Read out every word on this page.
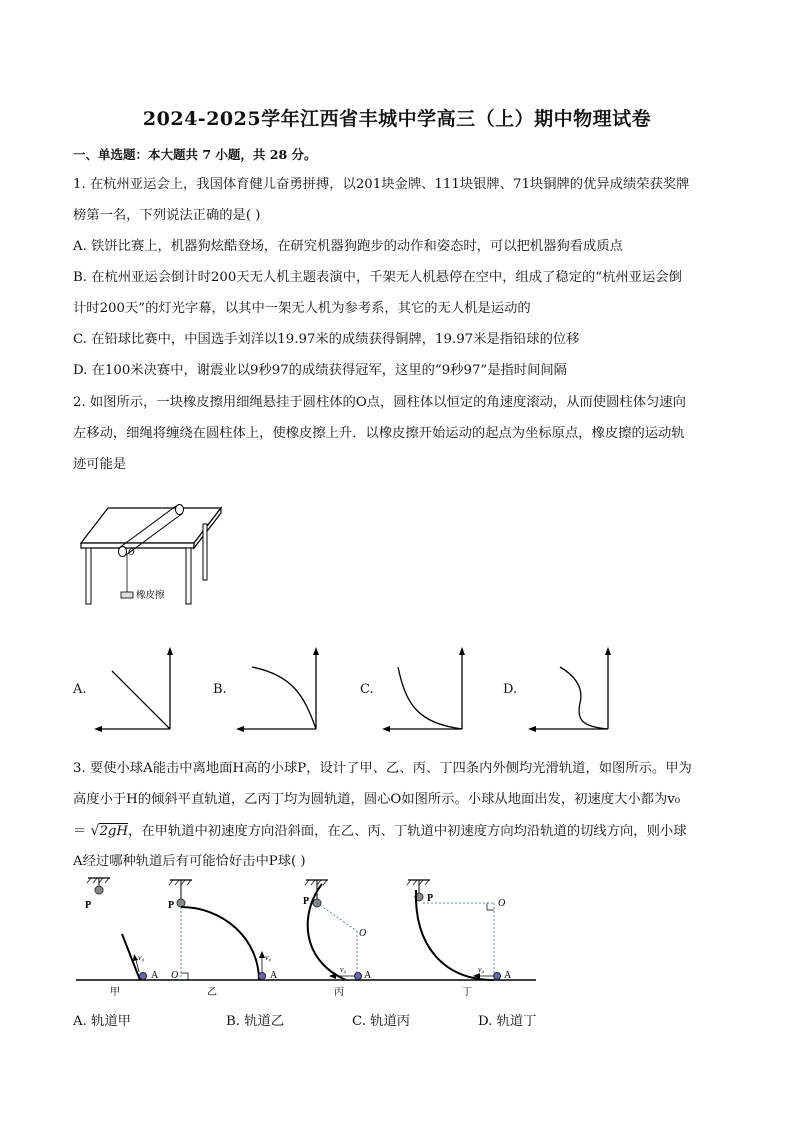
2024-2025学年江西省丰城中学高三（上）期中物理试卷
一、单选题：本大题共 7 小题，共 28 分。
1. 在杭州亚运会上，我国体育健儿奋勇拼搏，以201块金牌、111块银牌、71块铜牌的优异成绩荣获奖牌
榜第一名，下列说法正确的是( )
A. 铁饼比赛上，机器狗炫酷登场，在研究机器狗跑步的动作和姿态时，可以把机器狗看成质点
B. 在杭州亚运会倒计时200天无人机主题表演中，千架无人机悬停在空中，组成了稳定的“杭州亚运会倒
计时200天”的灯光字幕，以其中一架无人机为参考系，其它的无人机是运动的
C. 在铅球比赛中，中国选手刘洋以19.97米的成绩获得铜牌，19.97米是指铅球的位移
D. 在100米决赛中，谢震业以9秒97的成绩获得冠军，这里的“9秒97”是指时间间隔
2. 如图所示，一块橡皮擦用细绳悬挂于圆柱体的O点，圆柱体以恒定的角速度滚动，从而使圆柱体匀速向
左移动，细绳将缠绕在圆柱体上，使橡皮擦上升．以橡皮擦开始运动的起点为坐标原点，橡皮擦的运动轨
迹可能是
O
橡皮擦
A.	B.	C.	D.
3. 要使小球A能击中离地面H高的小球P，设计了甲、乙、丙、丁四条内外侧均光滑轨道，如图所示。甲为
高度小于H的倾斜平直轨道，乙丙丁均为圆轨道，圆心O如图所示。小球从地面出发，初速度大小都为v₀
＝ √2gH，在甲轨道中初速度方向沿斜面，在乙、丙、丁轨道中初速度方向均沿轨道的切线方向，则小球
A经过哪种轨道后有可能恰好击中P球( )
P
v₀
A
甲
P
O
v₀
A
乙
P
O
v₀
A
丙
P	O
v₀
A
丁
A. 轨道甲	B. 轨道乙	C. 轨道丙	D. 轨道丁
